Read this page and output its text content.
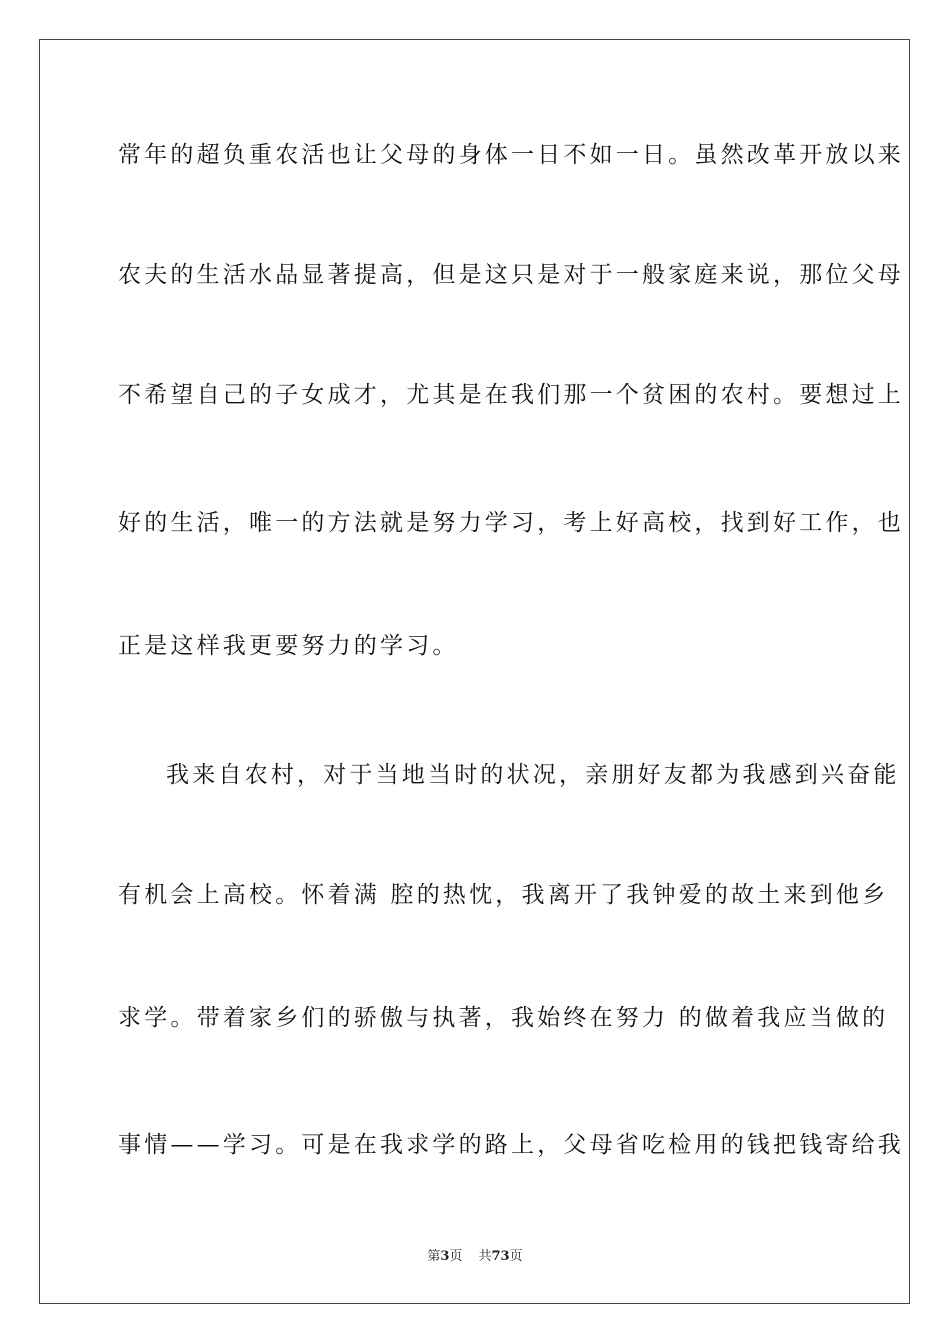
常年的超负重农活也让父母的身体一日不如一日。虽然改革开放以来
农夫的生活水品显著提高，但是这只是对于一般家庭来说，那位父母
不希望自己的子女成才，尤其是在我们那一个贫困的农村。要想过上
好的生活，唯一的方法就是努力学习，考上好高校，找到好工作，也
正是这样我更要努力的学习。
我来自农村，对于当地当时的状况，亲朋好友都为我感到兴奋能
有机会上高校。怀着满 腔的热忱，我离开了我钟爱的故土来到他乡
求学。带着家乡们的骄傲与执著，我始终在努力 的做着我应当做的
事情——学习。可是在我求学的路上，父母省吃检用的钱把钱寄给我
第3页 共73页
